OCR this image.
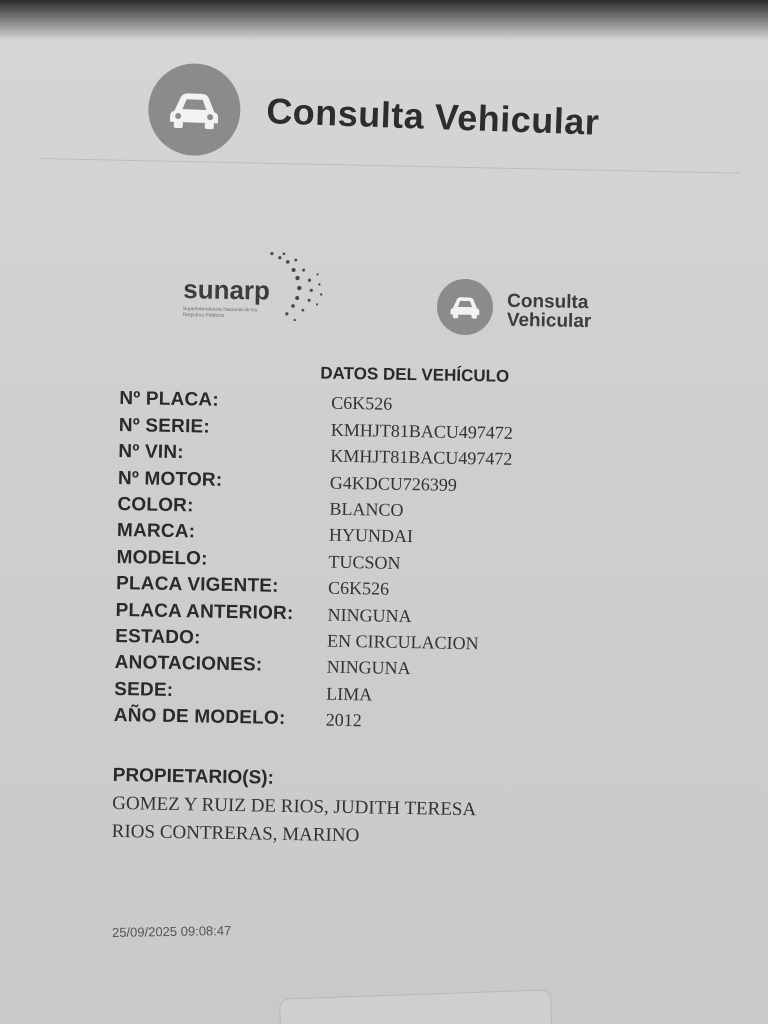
Consulta Vehicular
sunarp
Superintendencia Nacional de los Registros Públicos
Consulta
Vehicular
DATOS DEL VEHÍCULO
Nº PLACA:	C6K526
Nº SERIE:	KMHJT81BACU497472
Nº VIN:	KMHJT81BACU497472
Nº MOTOR:	G4KDCU726399
COLOR:	BLANCO
MARCA:	HYUNDAI
MODELO:	TUCSON
PLACA VIGENTE:	C6K526
PLACA ANTERIOR:	NINGUNA
ESTADO:	EN CIRCULACION
ANOTACIONES:	NINGUNA
SEDE:	LIMA
AÑO DE MODELO:	2012
PROPIETARIO(S):
GOMEZ Y RUIZ DE RIOS, JUDITH TERESA
RIOS CONTRERAS, MARINO
25/09/2025 09:08:47
